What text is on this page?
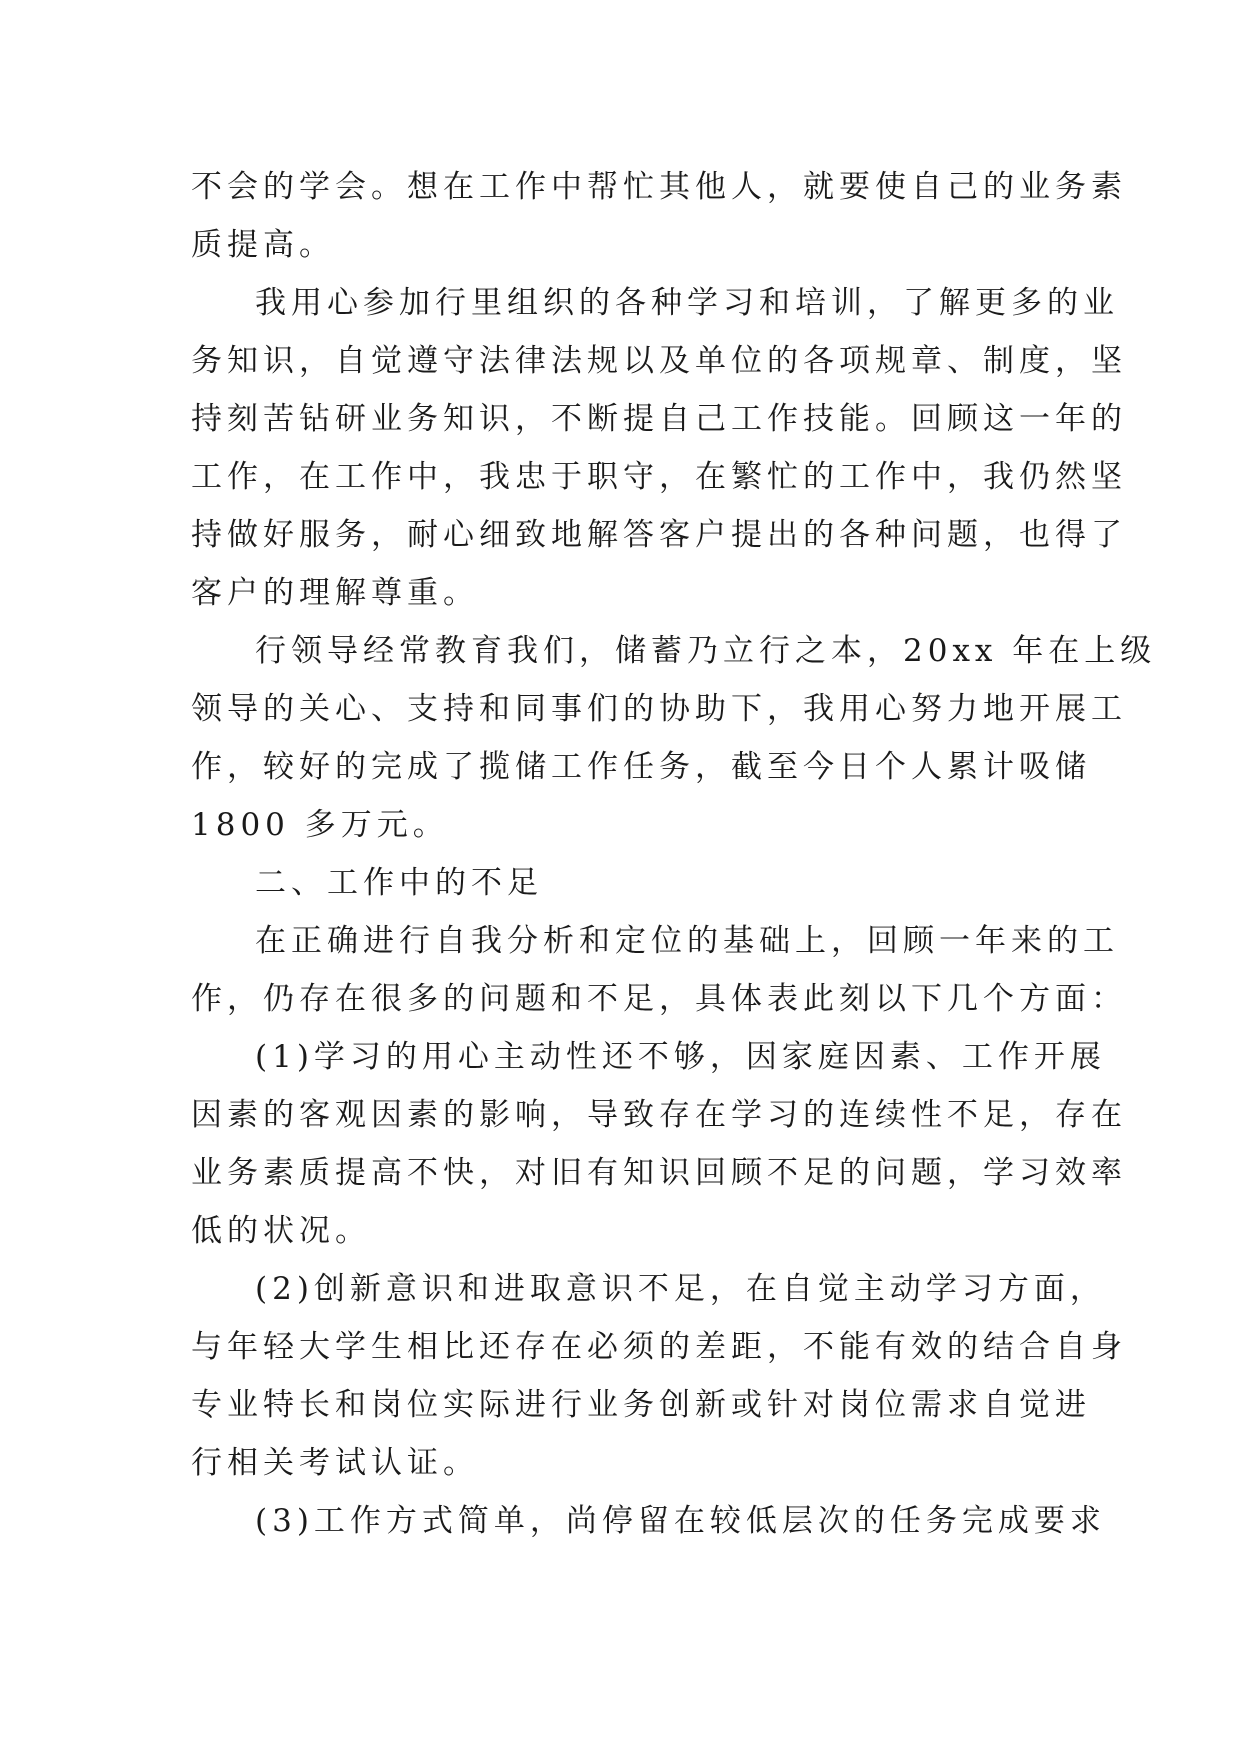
不会的学会。想在工作中帮忙其他人，就要使自己的业务素

质提高。

我用心参加行里组织的各种学习和培训，了解更多的业

务知识，自觉遵守法律法规以及单位的各项规章、制度，坚

持刻苦钻研业务知识，不断提自己工作技能。回顾这一年的

工作，在工作中，我忠于职守，在繁忙的工作中，我仍然坚

持做好服务，耐心细致地解答客户提出的各种问题，也得了

客户的理解尊重。

行领导经常教育我们，储蓄乃立行之本，20xx 年在上级

领导的关心、支持和同事们的协助下，我用心努力地开展工

作，较好的完成了揽储工作任务，截至今日个人累计吸储

1800 多万元。

二、工作中的不足

在正确进行自我分析和定位的基础上，回顾一年来的工

作，仍存在很多的问题和不足，具体表此刻以下几个方面：

(1)学习的用心主动性还不够，因家庭因素、工作开展

因素的客观因素的影响，导致存在学习的连续性不足，存在

业务素质提高不快，对旧有知识回顾不足的问题，学习效率

低的状况。

(2)创新意识和进取意识不足，在自觉主动学习方面，

与年轻大学生相比还存在必须的差距，不能有效的结合自身

专业特长和岗位实际进行业务创新或针对岗位需求自觉进

行相关考试认证。

(3)工作方式简单，尚停留在较低层次的任务完成要求
